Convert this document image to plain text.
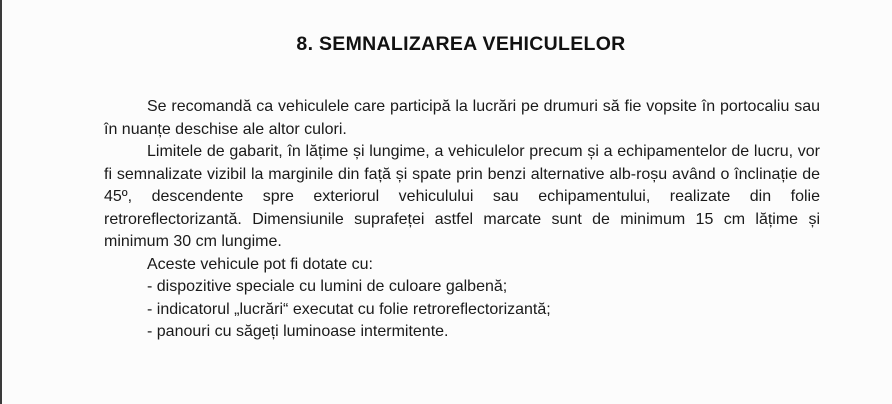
8. SEMNALIZAREA VEHICULELOR

Se recomandă ca vehiculele care participă la lucrări pe drumuri să fie vopsite în portocaliu sau în nuanțe deschise ale altor culori.

Limitele de gabarit, în lățime și lungime, a vehiculelor precum și a echipamentelor de lucru, vor fi semnalizate vizibil la marginile din față și spate prin benzi alternative alb-roșu având o înclinație de 45º, descendente spre exteriorul vehiculului sau echipamentului, realizate din folie retroreflectorizantă. Dimensiunile suprafeței astfel marcate sunt de minimum 15 cm lățime și minimum 30 cm lungime.

Aceste vehicule pot fi dotate cu:

- dispozitive speciale cu lumini de culoare galbenă;

- indicatorul „lucrări“ executat cu folie retroreflectorizantă;

- panouri cu săgeți luminoase intermitente.
